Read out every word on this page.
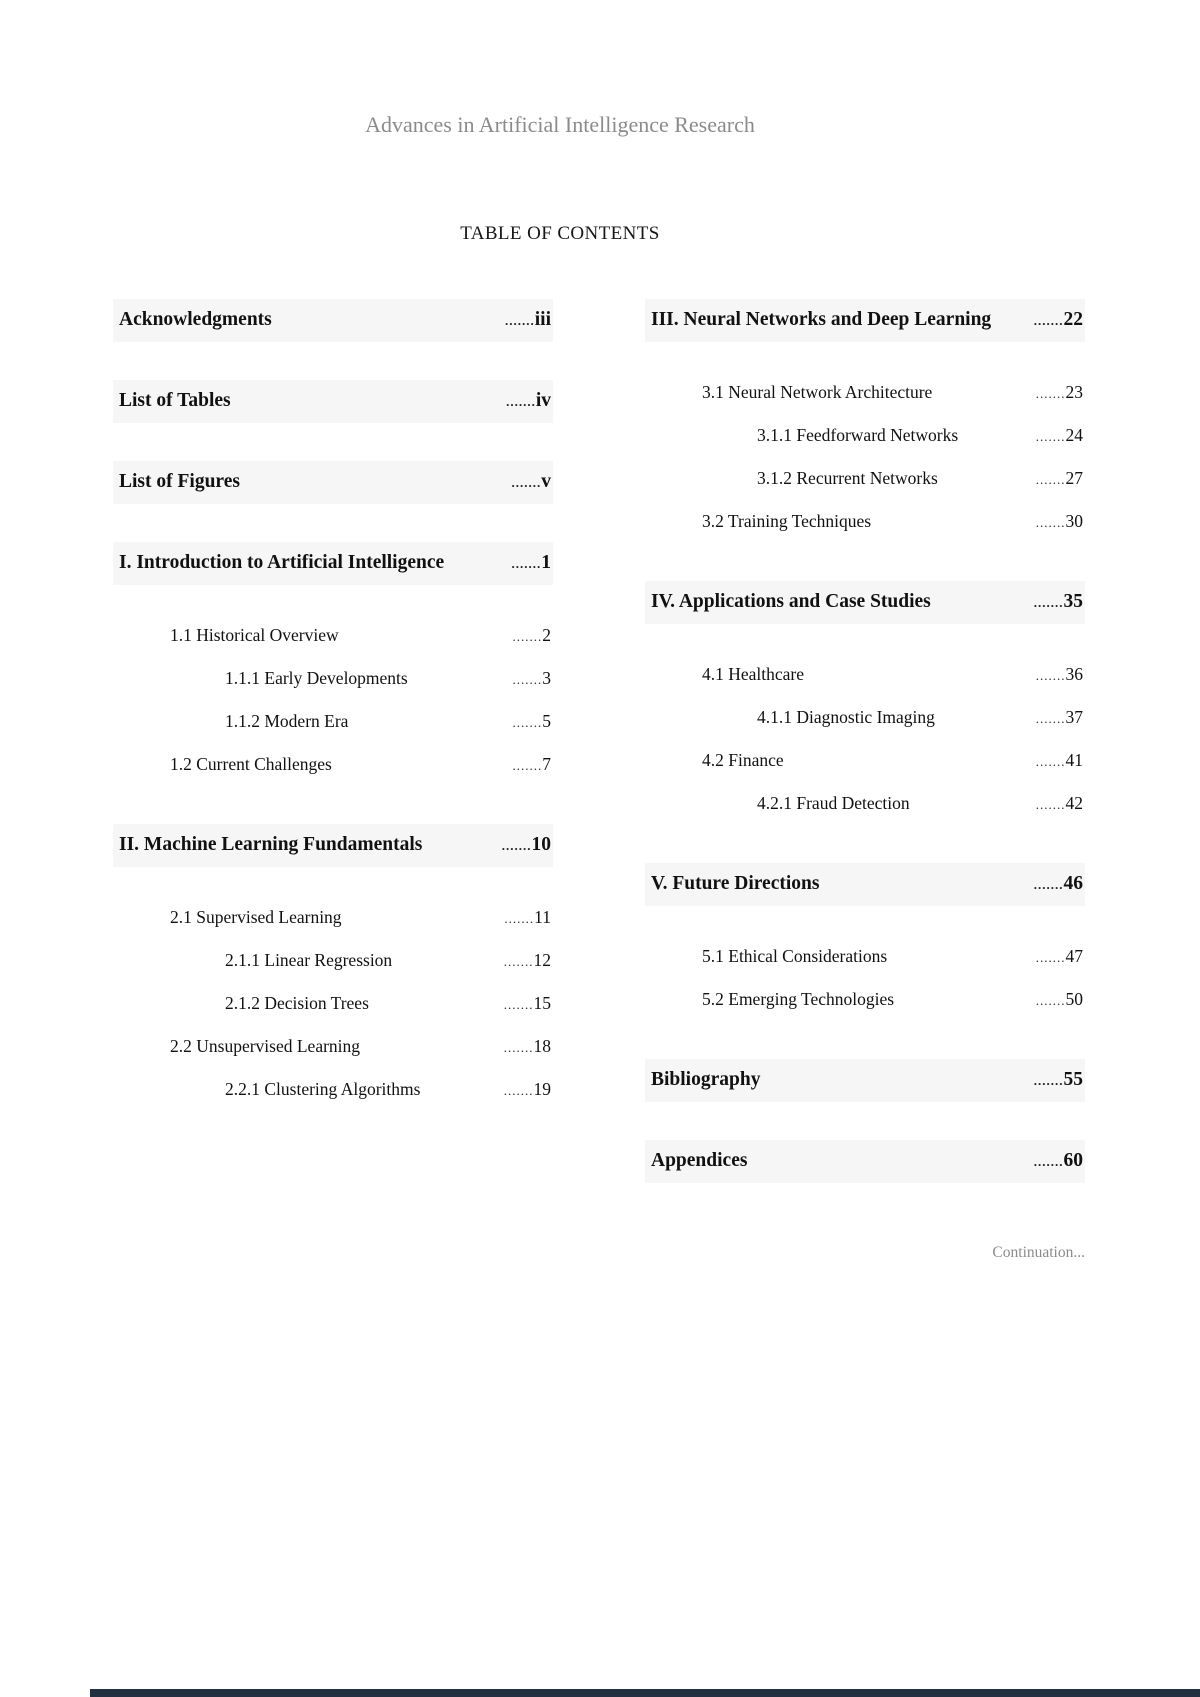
Advances in Artificial Intelligence Research
TABLE OF CONTENTS
Acknowledgments	.......iii
List of Tables	.......iv
List of Figures	.......v
I. Introduction to Artificial Intelligence	.......1
1.1 Historical Overview	.......2
1.1.1 Early Developments	.......3
1.1.2 Modern Era	.......5
1.2 Current Challenges	.......7
II. Machine Learning Fundamentals	.......10
2.1 Supervised Learning	.......11
2.1.1 Linear Regression	.......12
2.1.2 Decision Trees	.......15
2.2 Unsupervised Learning	.......18
2.2.1 Clustering Algorithms	.......19
III. Neural Networks and Deep Learning	.......22
3.1 Neural Network Architecture	.......23
3.1.1 Feedforward Networks	.......24
3.1.2 Recurrent Networks	.......27
3.2 Training Techniques	.......30
IV. Applications and Case Studies	.......35
4.1 Healthcare	.......36
4.1.1 Diagnostic Imaging	.......37
4.2 Finance	.......41
4.2.1 Fraud Detection	.......42
V. Future Directions	.......46
5.1 Ethical Considerations	.......47
5.2 Emerging Technologies	.......50
Bibliography	.......55
Appendices	.......60
Continuation...
